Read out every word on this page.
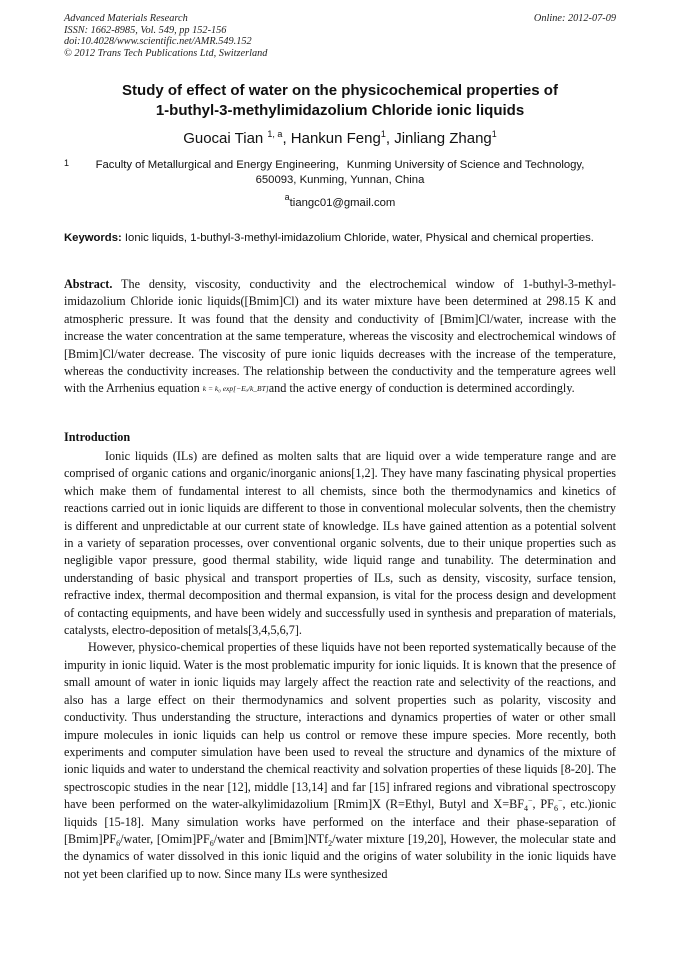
Advanced Materials Research
ISSN: 1662-8985, Vol. 549, pp 152-156
doi:10.4028/www.scientific.net/AMR.549.152
© 2012 Trans Tech Publications Ltd, Switzerland
Online: 2012-07-09
Study of effect of water on the physicochemical properties of
1-buthyl-3-methylimidazolium Chloride ionic liquids
Guocai Tian $^{1, a}$, Hankun Feng$^1$, Jinliang Zhang$^1$
1	Faculty of Metallurgical and Energy Engineering，Kunming University of Science and Technology,
650093, Kunming, Yunnan, China
$^a$tiangc01@gmail.com
Keywords: Ionic liquids, 1-buthyl-3-methyl-imidazolium Chloride, water, Physical and chemical properties.
Abstract. The density, viscosity, conductivity and the electrochemical window of 1-buthyl-3-methyl-imidazolium Chloride ionic liquids([Bmim]Cl) and its water mixture have been determined at 298.15 K and atmospheric pressure. It was found that the density and conductivity of [Bmim]Cl/water, increase with the increase the water concentration at the same temperature, whereas the viscosity and electrochemical windows of [Bmim]Cl/water decrease. The viscosity of pure ionic liquids decreases with the increase of the temperature, whereas the conductivity increases. The relationship between the conductivity and the temperature agrees well with the Arrhenius equation k = k₀ exp[−Eₐ/k_BT]and the active energy of conduction is determined accordingly.
Introduction

Ionic liquids (ILs) are defined as molten salts that are liquid over a wide temperature range and are comprised of organic cations and organic/inorganic anions[1,2]. They have many fascinating physical properties which make them of fundamental interest to all chemists, since both the thermodynamics and kinetics of reactions carried out in ionic liquids are different to those in conventional molecular solvents, then the chemistry is different and unpredictable at our current state of knowledge. ILs have gained attention as a potential solvent in a variety of separation processes, over conventional organic solvents, due to their unique properties such as negligible vapor pressure, good thermal stability, wide liquid range and tunability. The determination and understanding of basic physical and transport properties of ILs, such as density, viscosity, surface tension, refractive index, thermal decomposition and thermal expansion, is vital for the process design and development of contacting equipments, and have been widely and successfully used in synthesis and preparation of materials, catalysts, electro-deposition of metals[3,4,5,6,7].

However, physico-chemical properties of these liquids have not been reported systematically because of the impurity in ionic liquid. Water is the most problematic impurity for ionic liquids. It is known that the presence of small amount of water in ionic liquids may largely affect the reaction rate and selectivity of the reactions, and also has a large effect on their thermodynamics and solvent properties such as polarity, viscosity and conductivity. Thus understanding the structure, interactions and dynamics properties of water or other small impure molecules in ionic liquids can help us control or remove these impure species. More recently, both experiments and computer simulation have been used to reveal the structure and dynamics of the mixture of ionic liquids and water to understand the chemical reactivity and solvation properties of these liquids [8-20]. The spectroscopic studies in the near [12], middle [13,14] and far [15] infrared regions and vibrational spectroscopy have been performed on the water-alkylimidazolium [Rmim]X (R=Ethyl, Butyl and $X=BF_4^-$, $PF_6^-$, etc.)ionic liquids [15-18]. Many simulation works have performed on the interface and their phase-separation of $[Bmim]PF_6$/water, $[Omim]PF_6$/water and [Bmim]NTf$_2$/water mixture [19,20], However, the molecular state and the dynamics of water dissolved in this ionic liquid and the origins of water solubility in the ionic liquids have not yet been clarified up to now. Since many ILs were synthesized
